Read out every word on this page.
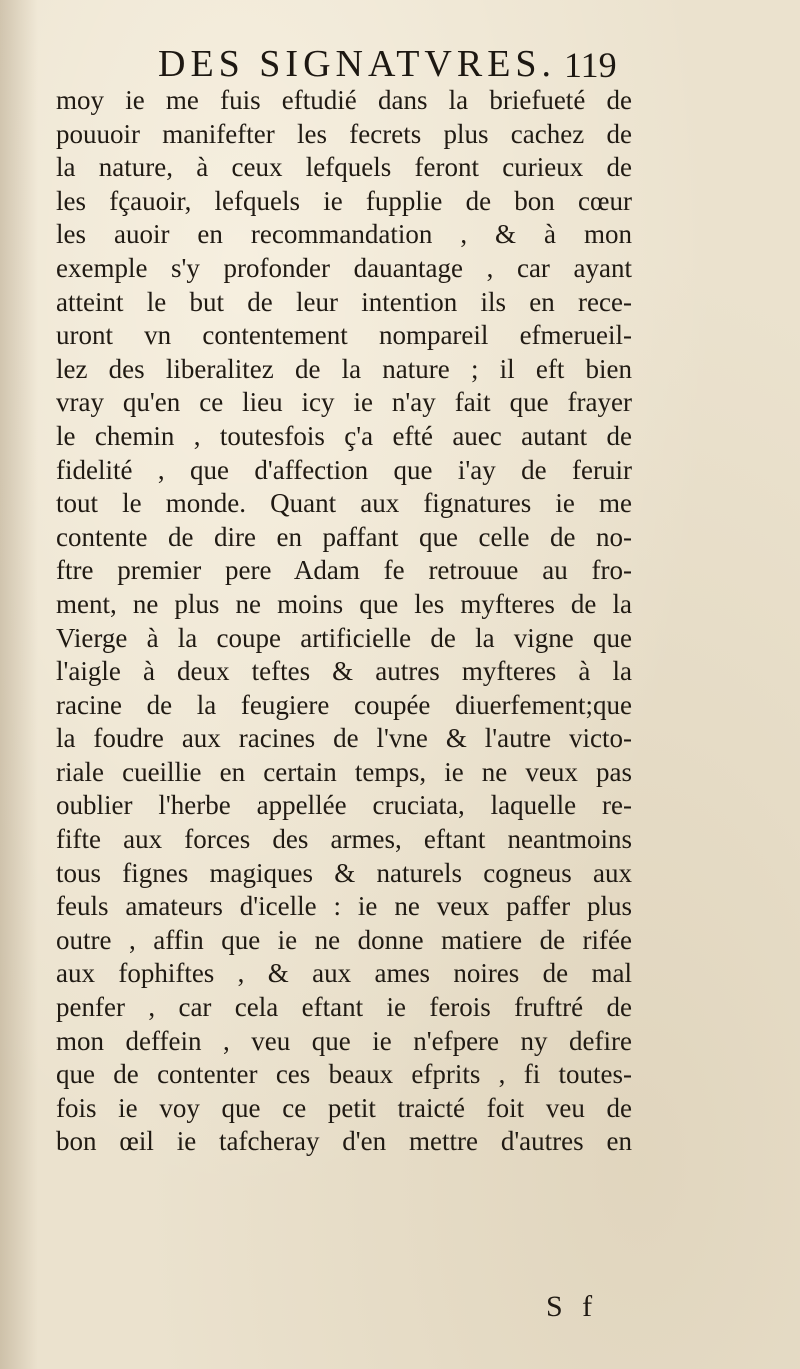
DES SIGNATVRES. 119
moy ie me fuis eftudié dans la briefueté de
pouuoir manifefter les fecrets plus cachez de
la nature, à ceux lefquels feront curieux de
les fçauoir, lefquels ie fupplie de bon cœur
les auoir en recommandation , & à mon
exemple s'y profonder dauantage , car ayant
atteint le but de leur intention ils en rece-
uront vn contentement nompareil efmerueil-
lez des liberalitez de la nature ; il eft bien
vray qu'en ce lieu icy ie n'ay fait que frayer
le chemin , toutesfois ç'a efté auec autant de
fidelité , que d'affection que i'ay de feruir
tout le monde. Quant aux fignatures ie me
contente de dire en paffant que celle de no-
ftre premier pere Adam fe retrouue au fro-
ment, ne plus ne moins que les myfteres de la
Vierge à la coupe artificielle de la vigne que
l'aigle à deux teftes & autres myfteres à la
racine de la feugiere coupée diuerfement;que
la foudre aux racines de l'vne & l'autre victo-
riale cueillie en certain temps, ie ne veux pas
oublier l'herbe appellée cruciata, laquelle re-
fifte aux forces des armes, eftant neantmoins
tous fignes magiques & naturels cogneus aux
feuls amateurs d'icelle : ie ne veux paffer plus
outre , affin que ie ne donne matiere de rifée
aux fophiftes , & aux ames noires de mal
penfer , car cela eftant ie ferois fruftré de
mon deffein , veu que ie n'efpere ny defire
que de contenter ces beaux efprits , fi toutes-
fois ie voy que ce petit traicté foit veu de
bon œil ie tafcheray d'en mettre d'autres en
S f
